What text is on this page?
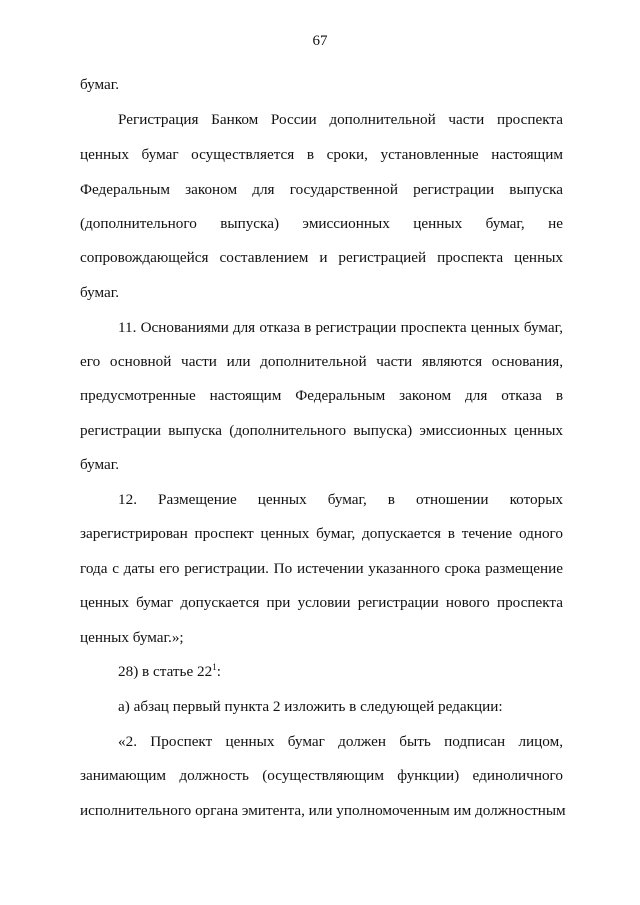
67
бумаг.
Регистрация Банком России дополнительной части проспекта
ценных бумаг осуществляется в сроки, установленные настоящим
Федеральным законом для государственной регистрации выпуска
(дополнительного выпуска) эмиссионных ценных бумаг, не
сопровождающейся составлением и регистрацией проспекта ценных
бумаг.
11. Основаниями для отказа в регистрации проспекта ценных бумаг,
его основной части или дополнительной части являются основания,
предусмотренные настоящим Федеральным законом для отказа в
регистрации выпуска (дополнительного выпуска) эмиссионных ценных
бумаг.
12. Размещение ценных бумаг, в отношении которых
зарегистрирован проспект ценных бумаг, допускается в течение одного
года с даты его регистрации. По истечении указанного срока размещение
ценных бумаг допускается при условии регистрации нового проспекта
ценных бумаг.»;
28) в статье $22^1$:
а) абзац первый пункта 2 изложить в следующей редакции:
«2. Проспект ценных бумаг должен быть подписан лицом,
занимающим должность (осуществляющим функции) единоличного
исполнительного органа эмитента, или уполномоченным им должностным
